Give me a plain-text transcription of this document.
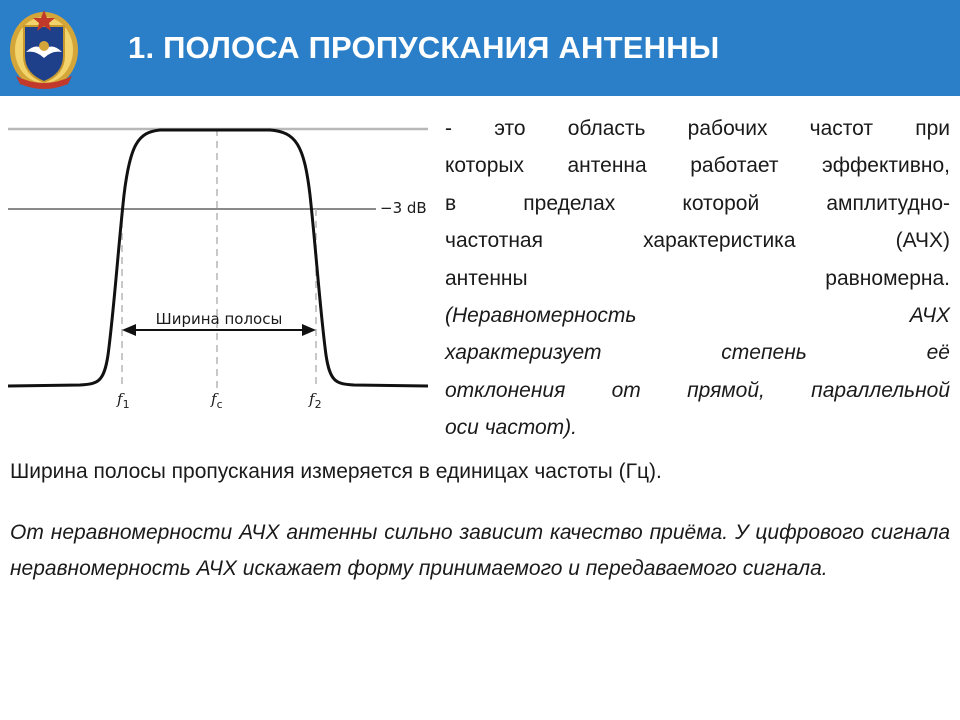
1. ПОЛОСА ПРОПУСКАНИЯ АНТЕННЫ
−3 dB
Ширина полосы
$f_1$	$f_c$	$f_2$

- это область рабочих частот при

которых антенна работает эффективно,

в пределах которой амплитудно-

частотная характеристика (АЧХ)

антенны равномерна.

(Неравномерность АЧХ

характеризует степень её

отклонения от прямой, параллельной

оси частот).

Ширина полосы пропускания измеряется в единицах частоты (Гц).
От неравномерности АЧХ антенны сильно зависит качество приёма. У цифрового сигнала неравномерность АЧХ искажает форму принимаемого и передаваемого сигнала.
